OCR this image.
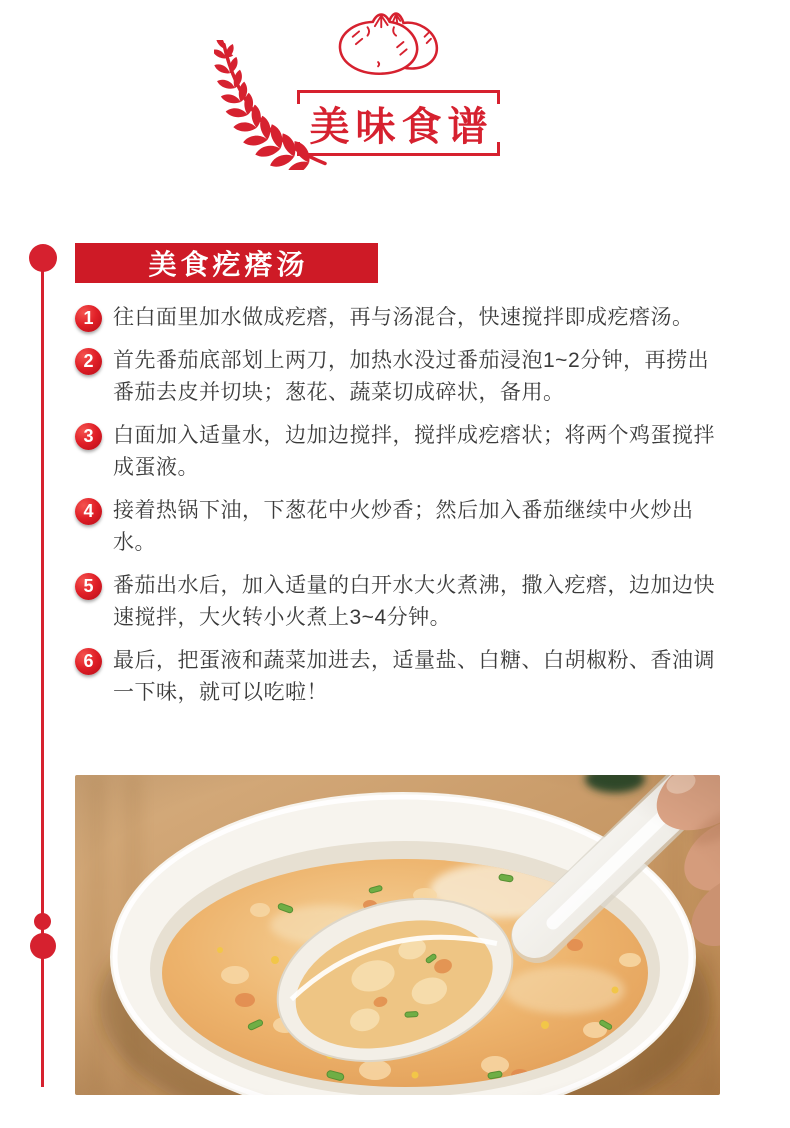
美味食谱
美食疙瘩汤
1 往白面里加水做成疙瘩，再与汤混合，快速搅拌即成疙瘩汤。
2 首先番茄底部划上两刀，加热水没过番茄浸泡1~2分钟，再捞出番茄去皮并切块；葱花、蔬菜切成碎状，备用。
3 白面加入适量水，边加边搅拌，搅拌成疙瘩状；将两个鸡蛋搅拌成蛋液。
4 接着热锅下油，下葱花中火炒香；然后加入番茄继续中火炒出水。
5 番茄出水后，加入适量的白开水大火煮沸，撒入疙瘩，边加边快速搅拌，大火转小火煮上3~4分钟。
6 最后，把蛋液和蔬菜加进去，适量盐、白糖、白胡椒粉、香油调一下味，就可以吃啦！
